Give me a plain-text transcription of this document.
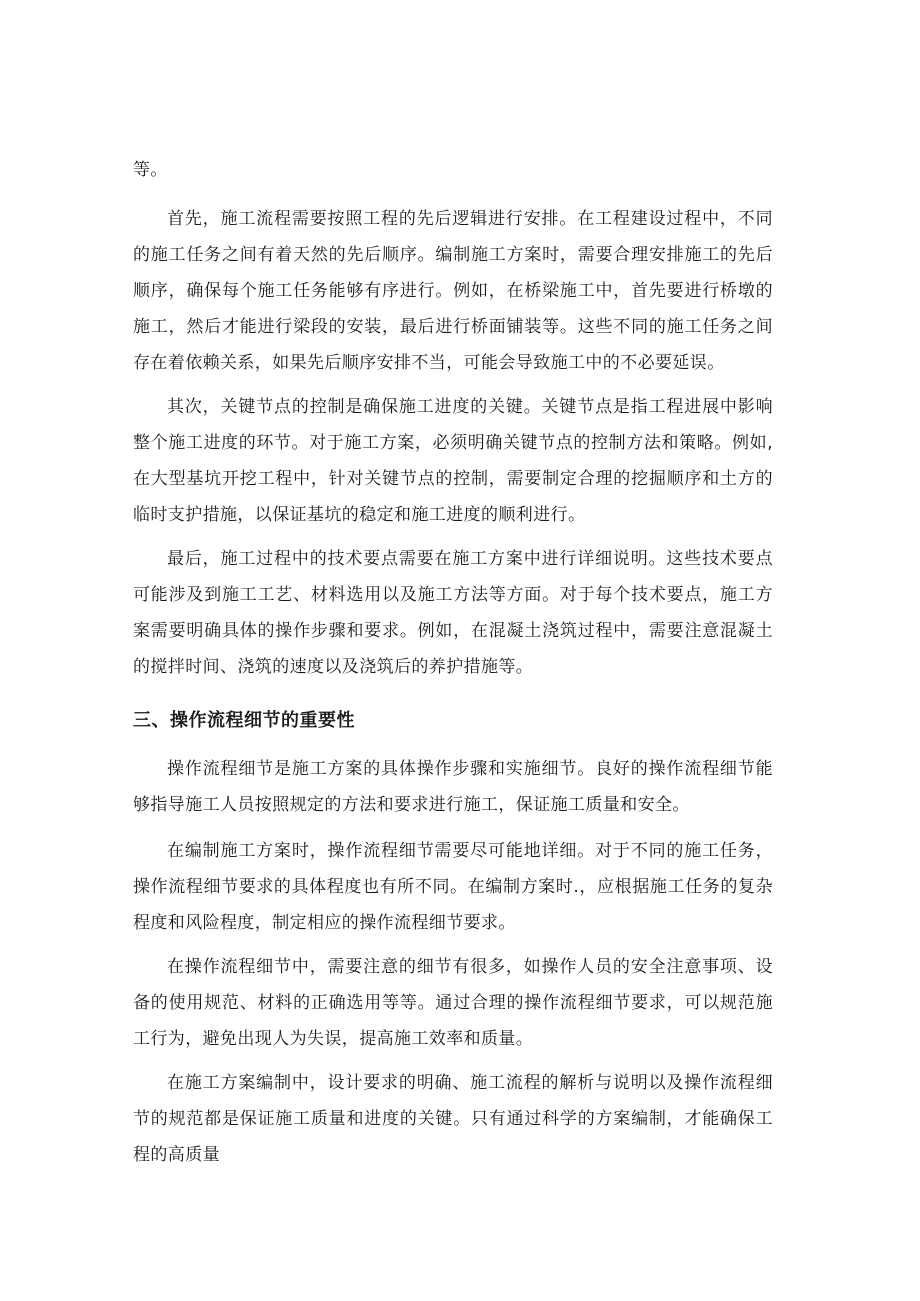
等。

首先，施工流程需要按照工程的先后逻辑进行安排。在工程建设过程中，不同的施工任务之间有着天然的先后顺序。编制施工方案时，需要合理安排施工的先后顺序，确保每个施工任务能够有序进行。例如，在桥梁施工中，首先要进行桥墩的施工，然后才能进行梁段的安装，最后进行桥面铺装等。这些不同的施工任务之间存在着依赖关系，如果先后顺序安排不当，可能会导致施工中的不必要延误。

其次，关键节点的控制是确保施工进度的关键。关键节点是指工程进展中影响整个施工进度的环节。对于施工方案，必须明确关键节点的控制方法和策略。例如,在大型基坑开挖工程中，针对关键节点的控制，需要制定合理的挖掘顺序和土方的临时支护措施，以保证基坑的稳定和施工进度的顺利进行。

最后，施工过程中的技术要点需要在施工方案中进行详细说明。这些技术要点可能涉及到施工工艺、材料选用以及施工方法等方面。对于每个技术要点，施工方案需要明确具体的操作步骤和要求。例如，在混凝土浇筑过程中，需要注意混凝土的搅拌时间、浇筑的速度以及浇筑后的养护措施等。

三、操作流程细节的重要性

操作流程细节是施工方案的具体操作步骤和实施细节。良好的操作流程细节能够指导施工人员按照规定的方法和要求进行施工，保证施工质量和安全。

在编制施工方案时，操作流程细节需要尽可能地详细。对于不同的施工任务，操作流程细节要求的具体程度也有所不同。在编制方案时.，应根据施工任务的复杂程度和风险程度，制定相应的操作流程细节要求。

在操作流程细节中，需要注意的细节有很多，如操作人员的安全注意事项、设备的使用规范、材料的正确选用等等。通过合理的操作流程细节要求，可以规范施工行为，避免出现人为失误，提高施工效率和质量。

在施工方案编制中，设计要求的明确、施工流程的解析与说明以及操作流程细节的规范都是保证施工质量和进度的关键。只有通过科学的方案编制，才能确保工程的高质量
